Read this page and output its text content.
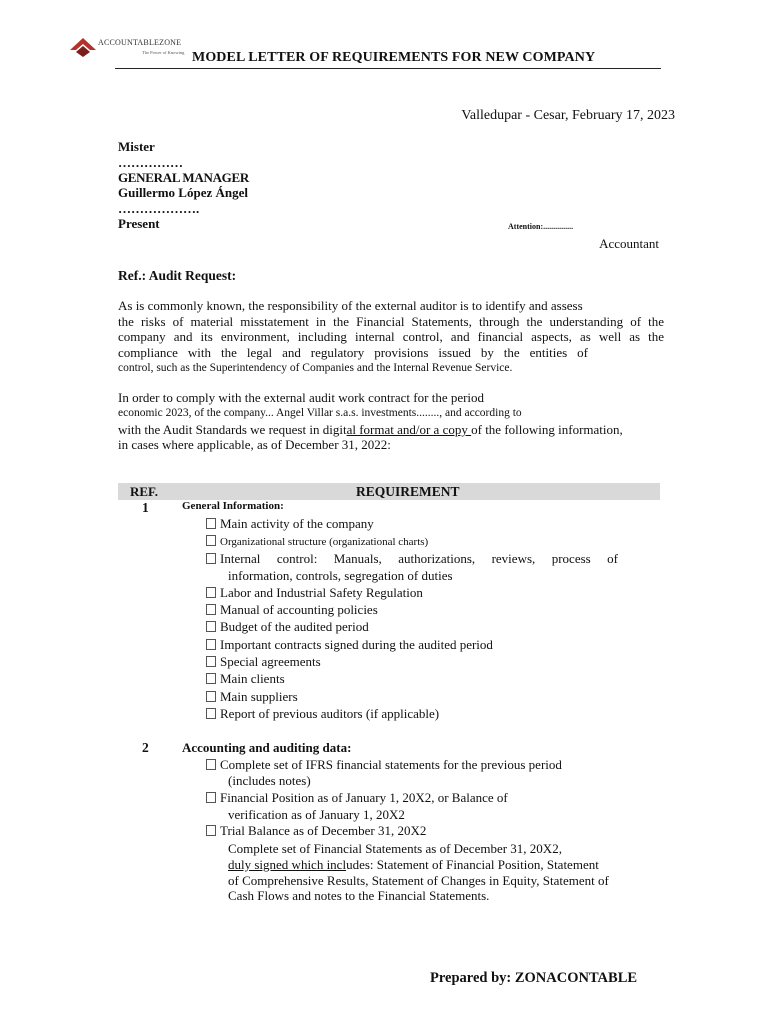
ACCOUNTABLEZONE
The Power of Knowing MODEL LETTER OF REQUIREMENTS FOR NEW COMPANY
Valledupar - Cesar, February 17, 2023
Mister
……………
GENERAL MANAGER
Guillermo López Ángel
……………….
Present	Attention:...............
Accountant
Ref.: Audit Request:
As is commonly known, the responsibility of the external auditor is to identify and assess
the risks of material misstatement in the Financial Statements, through the understanding of the
company and its environment, including internal control, and financial aspects, as well as the
compliance with the legal and regulatory provisions issued by the entities of
control, such as the Superintendency of Companies and the Internal Revenue Service.
In order to comply with the external audit work contract for the period
economic 2023, of the company... Angel Villar s.a.s. investments........, and according to
with the Audit Standards we request in digital format and/or a copy of the following information,
in cases where applicable, as of December 31, 2022:
REF.	REQUIREMENT
1	General Information:
Main activity of the company
Organizational structure (organizational charts)
Internal control: Manuals, authorizations, reviews, process of
information, controls, segregation of duties
Labor and Industrial Safety Regulation
Manual of accounting policies
Budget of the audited period
Important contracts signed during the audited period
Special agreements
Main clients
Main suppliers
Report of previous auditors (if applicable)
2	Accounting and auditing data:
Complete set of IFRS financial statements for the previous period
(includes notes)
Financial Position as of January 1, 20X2, or Balance of
verification as of January 1, 20X2
Trial Balance as of December 31, 20X2
Complete set of Financial Statements as of December 31, 20X2,
duly signed which includes: Statement of Financial Position, Statement
of Comprehensive Results, Statement of Changes in Equity, Statement of
Cash Flows and notes to the Financial Statements.
Prepared by: ZONACONTABLE
